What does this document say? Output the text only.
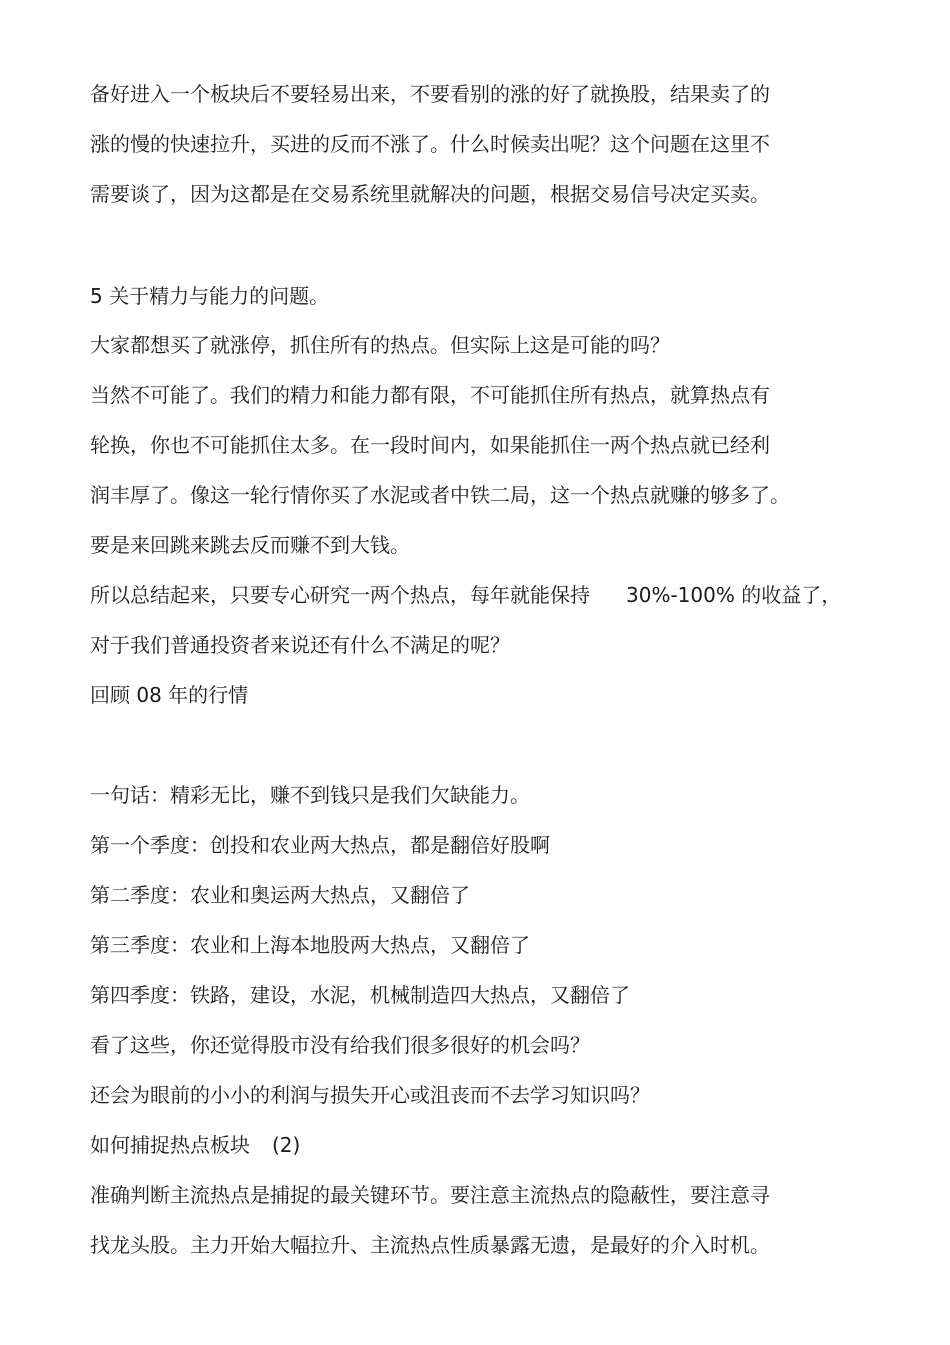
备好进入一个板块后不要轻易出来，不要看别的涨的好了就换股，结果卖了的
涨的慢的快速拉升，买进的反而不涨了。什么时候卖出呢？这个问题在这里不
需要谈了，因为这都是在交易系统里就解决的问题，根据交易信号决定买卖。
5 关于精力与能力的问题。
大家都想买了就涨停，抓住所有的热点。但实际上这是可能的吗？
当然不可能了。我们的精力和能力都有限，不可能抓住所有热点，就算热点有
轮换，你也不可能抓住太多。在一段时间内，如果能抓住一两个热点就已经利
润丰厚了。像这一轮行情你买了水泥或者中铁二局，这一个热点就赚的够多了。
要是来回跳来跳去反而赚不到大钱。
所以总结起来，只要专心研究一两个热点，每年就能保持 30%-100% 的收益了，
对于我们普通投资者来说还有什么不满足的呢？
回顾 08 年的行情
一句话：精彩无比，赚不到钱只是我们欠缺能力。
第一个季度：创投和农业两大热点，都是翻倍好股啊
第二季度：农业和奥运两大热点，又翻倍了
第三季度：农业和上海本地股两大热点，又翻倍了
第四季度：铁路，建设，水泥，机械制造四大热点，又翻倍了
看了这些，你还觉得股市没有给我们很多很好的机会吗？
还会为眼前的小小的利润与损失开心或沮丧而不去学习知识吗？
如何捕捉热点板块 (2)
准确判断主流热点是捕捉的最关键环节。要注意主流热点的隐蔽性，要注意寻
找龙头股。主力开始大幅拉升、主流热点性质暴露无遗，是最好的介入时机。
